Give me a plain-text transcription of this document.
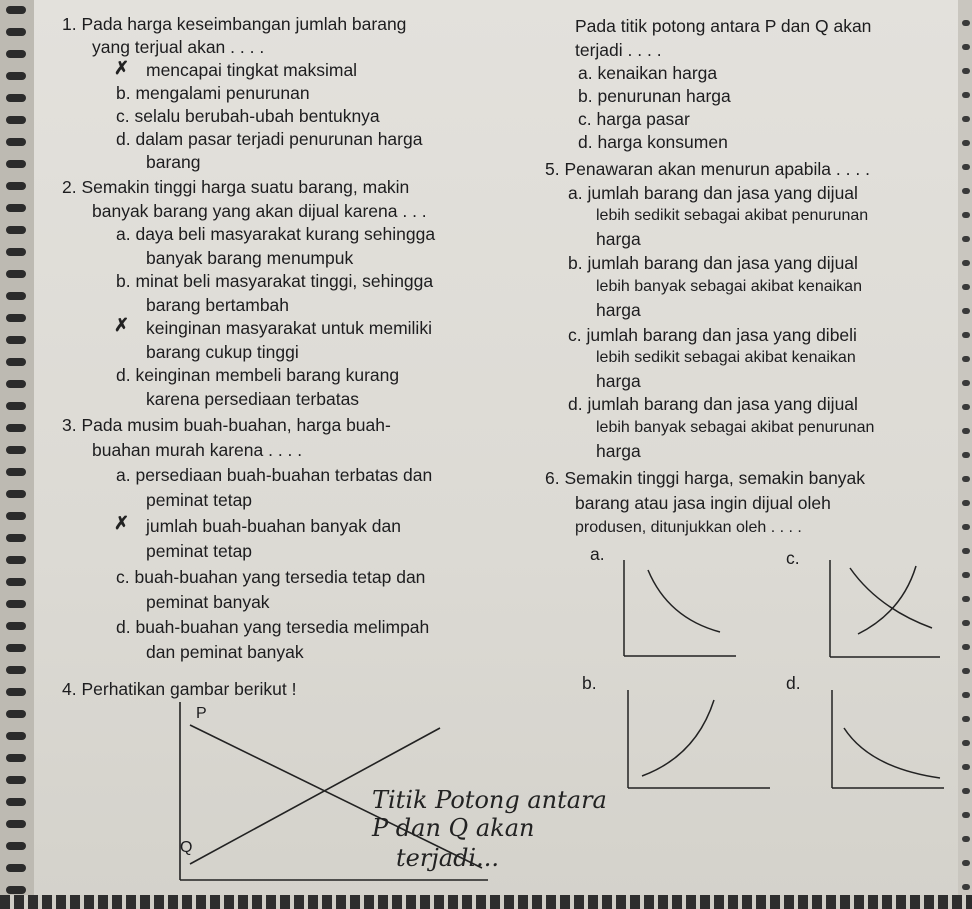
1. Pada harga keseimbangan jumlah barang
yang terjual akan . . . .
✗ mencapai tingkat maksimal
b. mengalami penurunan
c. selalu berubah-ubah bentuknya
d. dalam pasar terjadi penurunan harga
barang
2. Semakin tinggi harga suatu barang, makin
banyak barang yang akan dijual karena . . .
a. daya beli masyarakat kurang sehingga
banyak barang menumpuk
b. minat beli masyarakat tinggi, sehingga
barang bertambah
✗ keinginan masyarakat untuk memiliki
barang cukup tinggi
d. keinginan membeli barang kurang
karena persediaan terbatas
3. Pada musim buah-buahan, harga buah-
buahan murah karena . . . .
a. persediaan buah-buahan terbatas dan
peminat tetap
✗ jumlah buah-buahan banyak dan
peminat tetap
c. buah-buahan yang tersedia tetap dan
peminat banyak
d. buah-buahan yang tersedia melimpah
dan peminat banyak
4. Perhatikan gambar berikut !
P
Q
Titik Potong antara
P dan Q akan
terjadi...
Pada titik potong antara P dan Q akan
terjadi . . . .
a. kenaikan harga
b. penurunan harga
c. harga pasar
d. harga konsumen
5. Penawaran akan menurun apabila . . . .
a. jumlah barang dan jasa yang dijual
lebih sedikit sebagai akibat penurunan
harga
b. jumlah barang dan jasa yang dijual
lebih banyak sebagai akibat kenaikan
harga
c. jumlah barang dan jasa yang dibeli
lebih sedikit sebagai akibat kenaikan
harga
d. jumlah barang dan jasa yang dijual
lebih banyak sebagai akibat penurunan
harga
6. Semakin tinggi harga, semakin banyak
barang atau jasa ingin dijual oleh
produsen, ditunjukkan oleh . . . .
a.	c.
b.	d.
